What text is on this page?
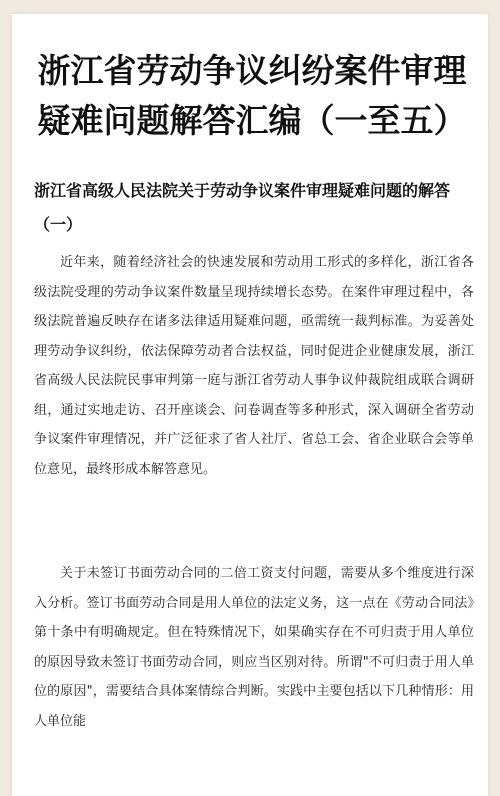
浙江省劳动争议纠纷案件审理疑难问题解答汇编（一至五）
浙江省高级人民法院关于劳动争议案件审理疑难问题的解答（一）

近年来，随着经济社会的快速发展和劳动用工形式的多样化，浙江省各级法院受理的劳动争议案件数量呈现持续增长态势。在案件审理过程中，各级法院普遍反映存在诸多法律适用疑难问题，亟需统一裁判标准。为妥善处理劳动争议纠纷，依法保障劳动者合法权益，同时促进企业健康发展，浙江省高级人民法院民事审判第一庭与浙江省劳动人事争议仲裁院组成联合调研组，通过实地走访、召开座谈会、问卷调查等多种形式，深入调研全省劳动争议案件审理情况，并广泛征求了省人社厅、省总工会、省企业联合会等单位意见，最终形成本解答意见。

关于未签订书面劳动合同的二倍工资支付问题，需要从多个维度进行深入分析。签订书面劳动合同是用人单位的法定义务，这一点在《劳动合同法》第十条中有明确规定。但在特殊情况下，如果确实存在不可归责于用人单位的原因导致未签订书面劳动合同，则应当区别对待。所谓"不可归责于用人单位的原因"，需要结合具体案情综合判断。实践中主要包括以下几种情形：用人单位能
